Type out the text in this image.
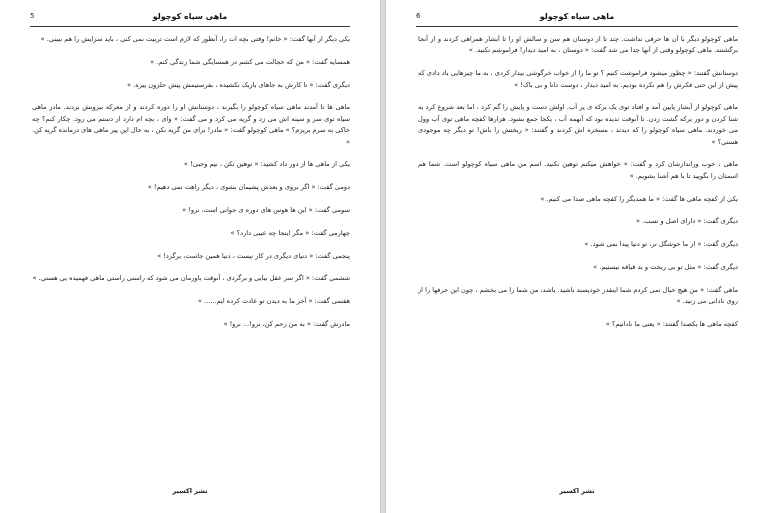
5	ماهی سیاه کوچولو

یکی دیگر از آنها گفت: « خانم! وقتی بچه ات را، آنطور که لازم است تربیت نمی کنی ، باید سزایش را هم ببینی. »

همسایه گفت: « من که خجالت می کشم در همسایگی شما زندگی کنم. »

دیگری گفت: « تا کارش به جاهای باریک نکشیده ، بفرستیمش پیش حلزون پیره. »

ماهی ها تا آمدند ماهی سیاه کوچولو را بگیرند ، دوستانش او را دوره کردند و از معرکه بیرونش بردند. مادر ماهی سیاه توی سر و سینه اش می زد و گریه می کرد و می گفت: « وای ، بچه ام دارد از دستم می رود. چکار کنم؟ چه خاکی به سرم بریزم؟ » ماهی کوچولو گفت: « مادر! برای من گریه نکن ، به حال این پیر ماهی های درمانده گریه کن. »

یکی از ماهی ها از دور داد کشید: « توهین نکن ، نیم وجبی! »

دومی گفت: « اگر بروی و بعدش پشیمان بشوی ، دیگر راهت نمی دهیم! »

سومی گفت: « این ها هوس های دوره ی جوانی است، نرو! »

چهارمی گفت: « مگر اینجا چه عیبی دارد؟ »

پنجمی گفت: « دنیای دیگری در کار نیست ، دنیا همین جاست، برگرد! »

ششمی گفت: « اگر سر عقل بیایی و برگردی ، آنوقت باورمان می شود که راستی راستی ماهی فهمیده یی هستی. »

هفتمی گفت: « آخر ما به دیدن تو عادت کرده ایم...... »

مادرش گفت: « به من رحم کن، نرو!... نرو! »

نشر اکسیر
6	ماهی سیاه کوچولو

ماهی کوچولو دیگر با آن ها حرفی نداشت. چند تا از دوستان هم سن و سالش او را تا آبشار همراهی کردند و از آنجا برگشتند. ماهی کوچولو وقتی از آنها جدا می شد گفت: « دوستان ، به امید دیدار! فراموشم نکنید. »

دوستانش گفتند: « چطور میشود فراموشت کنیم ؟ تو ما را از خواب خرگوشی بیدار کردی ، به ما چیزهایی یاد دادی که پیش از این حتی فکرش را هم نکرده بودیم. به امید دیدار ، دوست دانا و بی باک! »

ماهی کوچولو از آبشار پایین آمد و افتاد توی یک برکه ی پر آب. اولش دست و پایش را گم کرد ، اما بعد شروع کرد به شنا کردن و دور برکه گشت زدن. تا آنوقت ندیده بود که آنهمه آب ، یکجا جمع بشود. هزارها کفچه ماهی توی آب وول می خوردند. ماهی سیاه کوچولو را که دیدند ، مسخره اش کردند و گفتند: « ریختش را باش! تو دیگر چه موجودی هستی؟ »

ماهی ، خوب وراندازشان کرد و گفت: « خواهش میکنم توهین نکنید. اسم من ماهی سیاه کوچولو است. شما هم اسمتان را بگویید تا با هم آشنا بشویم. »

یکی از کفچه ماهی ها گفت: « ما همدیگر را کفچه ماهی صدا می کنیم. »

دیگری گفت: « دارای اصل و نسب. »

دیگری گفت: « از ما خوشگل تر، تو دنیا پیدا نمی شود. »

دیگری گفت: « مثل تو بی ریخت و بد قیافه نیستیم. »

ماهی گفت: « من هیچ خیال نمی کردم شما اینقدر خودپسند باشید. باشد، من شما را می بخشم ، چون این حرفها را از روی نادانی می زنید. »

کفچه ماهی ها یکصدا گفتند: « یعنی ما نادانیم؟ »

نشر اکسیر
